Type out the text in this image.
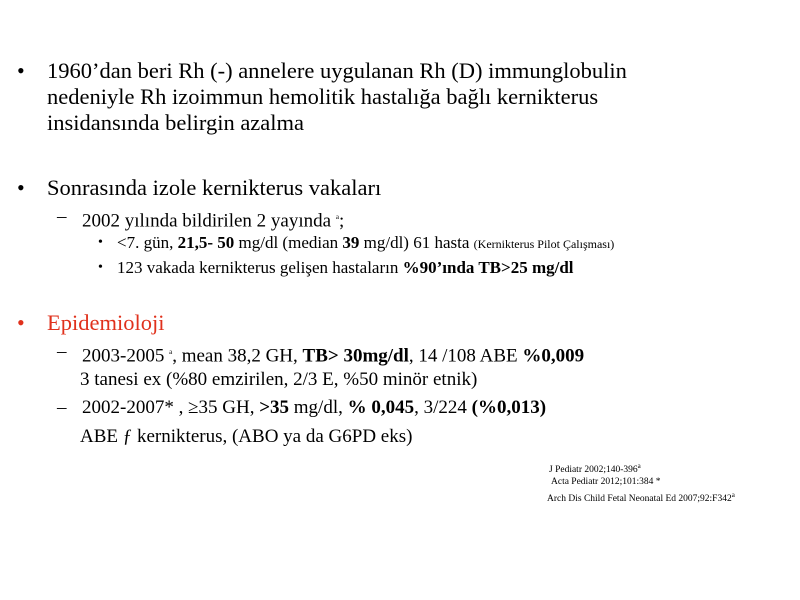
• 1960’dan beri Rh (-) annelere uygulanan Rh (D) immunglobulin
nedeniyle Rh izoimmun hemolitik hastalığa bağlı kernikterus
insidansında belirgin azalma
• Sonrasında izole kernikterus vakaları
– 2002 yılında bildirilen 2 yayında $^a$;
• <7. gün, 21,5- 50 mg/dl (median 39 mg/dl) 61 hasta (Kernikterus Pilot Çalışması)
• 123 vakada kernikterus gelişen hastaların %90’ında TB>25 mg/dl
• Epidemioloji
– 2003-2005 $^a$, mean 38,2 GH, TB> 30mg/dl, 14 /108 ABE %0,009
3 tanesi ex (%80 emzirilen, 2/3 E, %50 minör etnik)
– 2002-2007* , ≥35 GH, >35 mg/dl, % 0,045, 3/224 (%0,013)
ABE ƒ kernikterus, (ABO ya da G6PD eks)
J Pediatr 2002;140-396$^a$
Acta Pediatr 2012;101:384 *
Arch Dis Child Fetal Neonatal Ed 2007;92:F342$^a$
